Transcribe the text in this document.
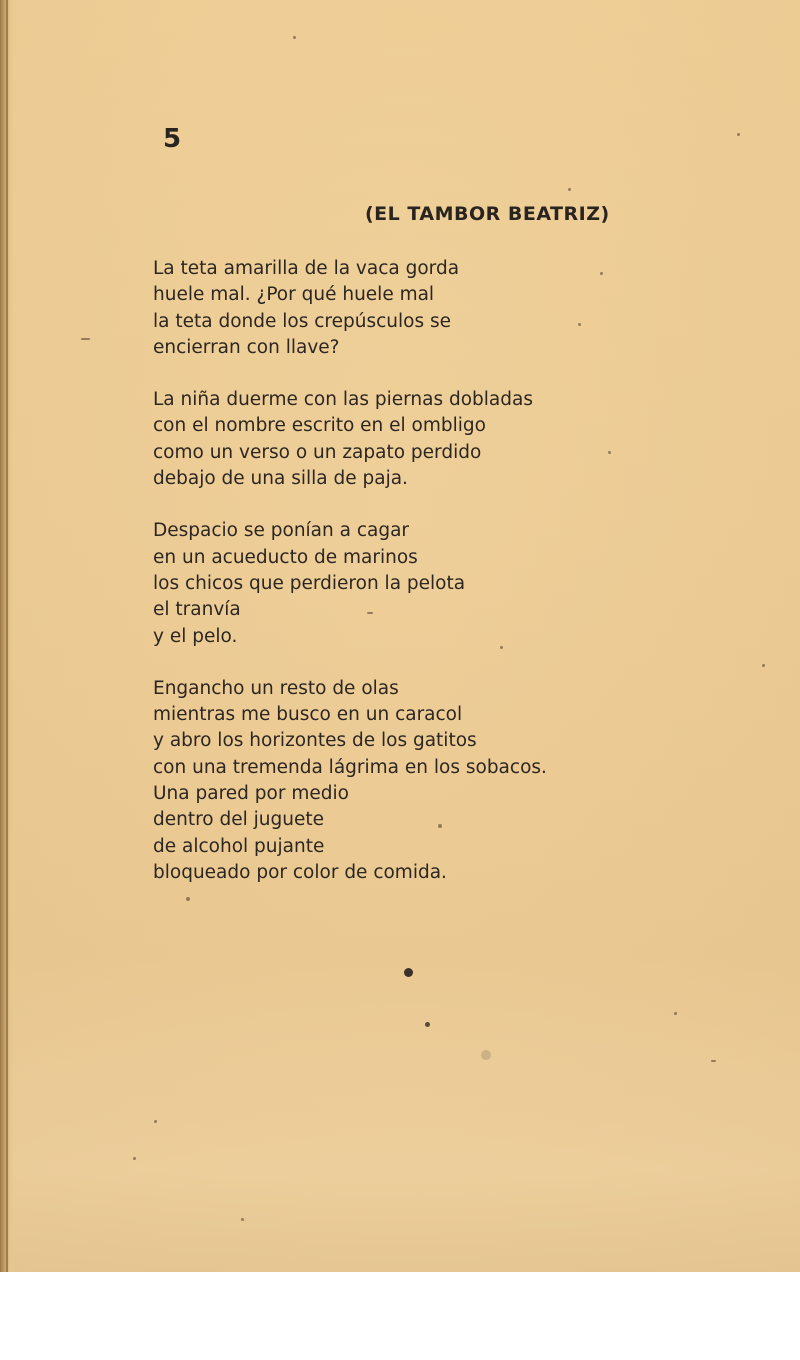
5
(EL TAMBOR BEATRIZ)
La teta amarilla de la vaca gorda
huele mal. ¿Por qué huele mal
la teta donde los crepúsculos se
encierran con llave?
La niña duerme con las piernas dobladas
con el nombre escrito en el ombligo
como un verso o un zapato perdido
debajo de una silla de paja.
Despacio se ponían a cagar
en un acueducto de marinos
los chicos que perdieron la pelota
el tranvía
y el pelo.
Engancho un resto de olas
mientras me busco en un caracol
y abro los horizontes de los gatitos
con una tremenda lágrima en los sobacos.
Una pared por medio
dentro del juguete
de alcohol pujante
bloqueado por color de comida.
